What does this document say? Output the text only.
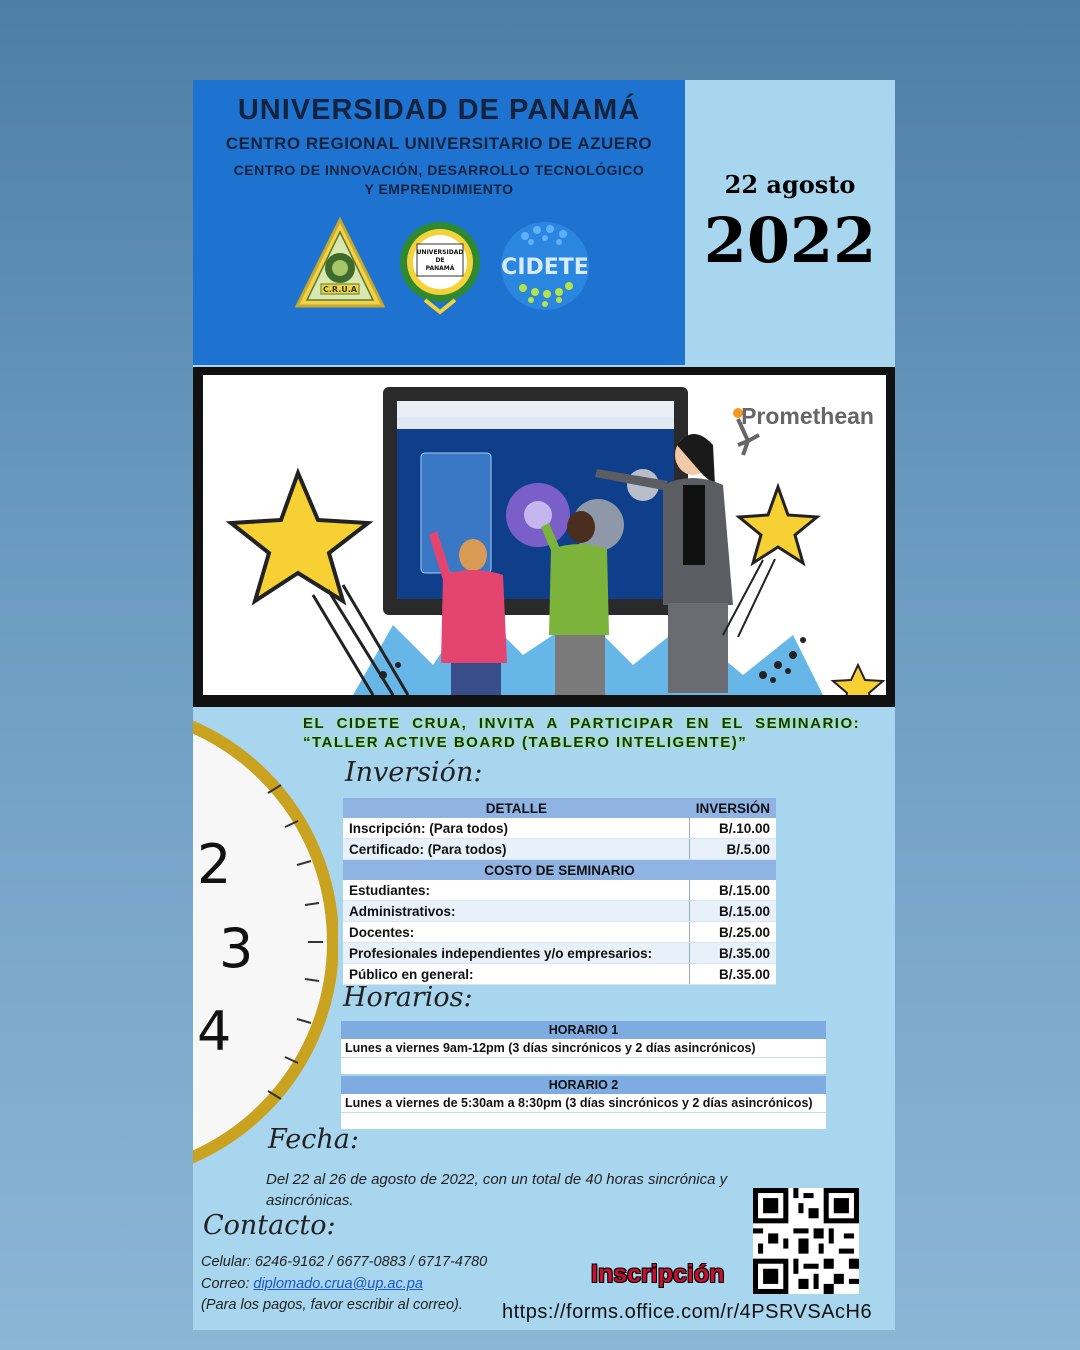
UNIVERSIDAD DE PANAMÁ
CENTRO REGIONAL UNIVERSITARIO DE AZUERO
CENTRO DE INNOVACIÓN, DESARROLLO TECNOLÓGICO
Y EMPRENDIMIENTO
C.R.U.A
UNIVERSIDAD
DE
PANAMÁ CIDETE
22 agosto
2022
Promethean
2
3
4
EL CIDETE CRUA, INVITA A PARTICIPAR EN EL SEMINARIO:
“TALLER ACTIVE BOARD (TABLERO INTELIGENTE)”
Inversión:
DETALLE	INVERSIÓN
Inscripción: (Para todos)	B/.10.00
Certificado: (Para todos)	B/.5.00
COSTO DE SEMINARIO	
Estudiantes:	B/.15.00
Administrativos:	B/.15.00
Docentes:	B/.25.00
Profesionales independientes y/o empresarios:	B/.35.00
Público en general:	B/.35.00
Horarios:
HORARIO 1
Lunes a viernes 9am-12pm (3 días sincrónicos y 2 días asincrónicos)
HORARIO 2
Lunes a viernes de 5:30am a 8:30pm (3 días sincrónicos y 2 días asincrónicos)
Fecha:
Del 22 al 26 de agosto de 2022, con un total de 40 horas sincrónica y
asincrónicas.
Contacto:
Celular: 6246-9162 / 6677-0883 / 6717-4780
Correo: diplomado.crua@up.ac.pa
(Para los pagos, favor escribir al correo).
Inscripción
https://forms.office.com/r/4PSRVSAcH6
